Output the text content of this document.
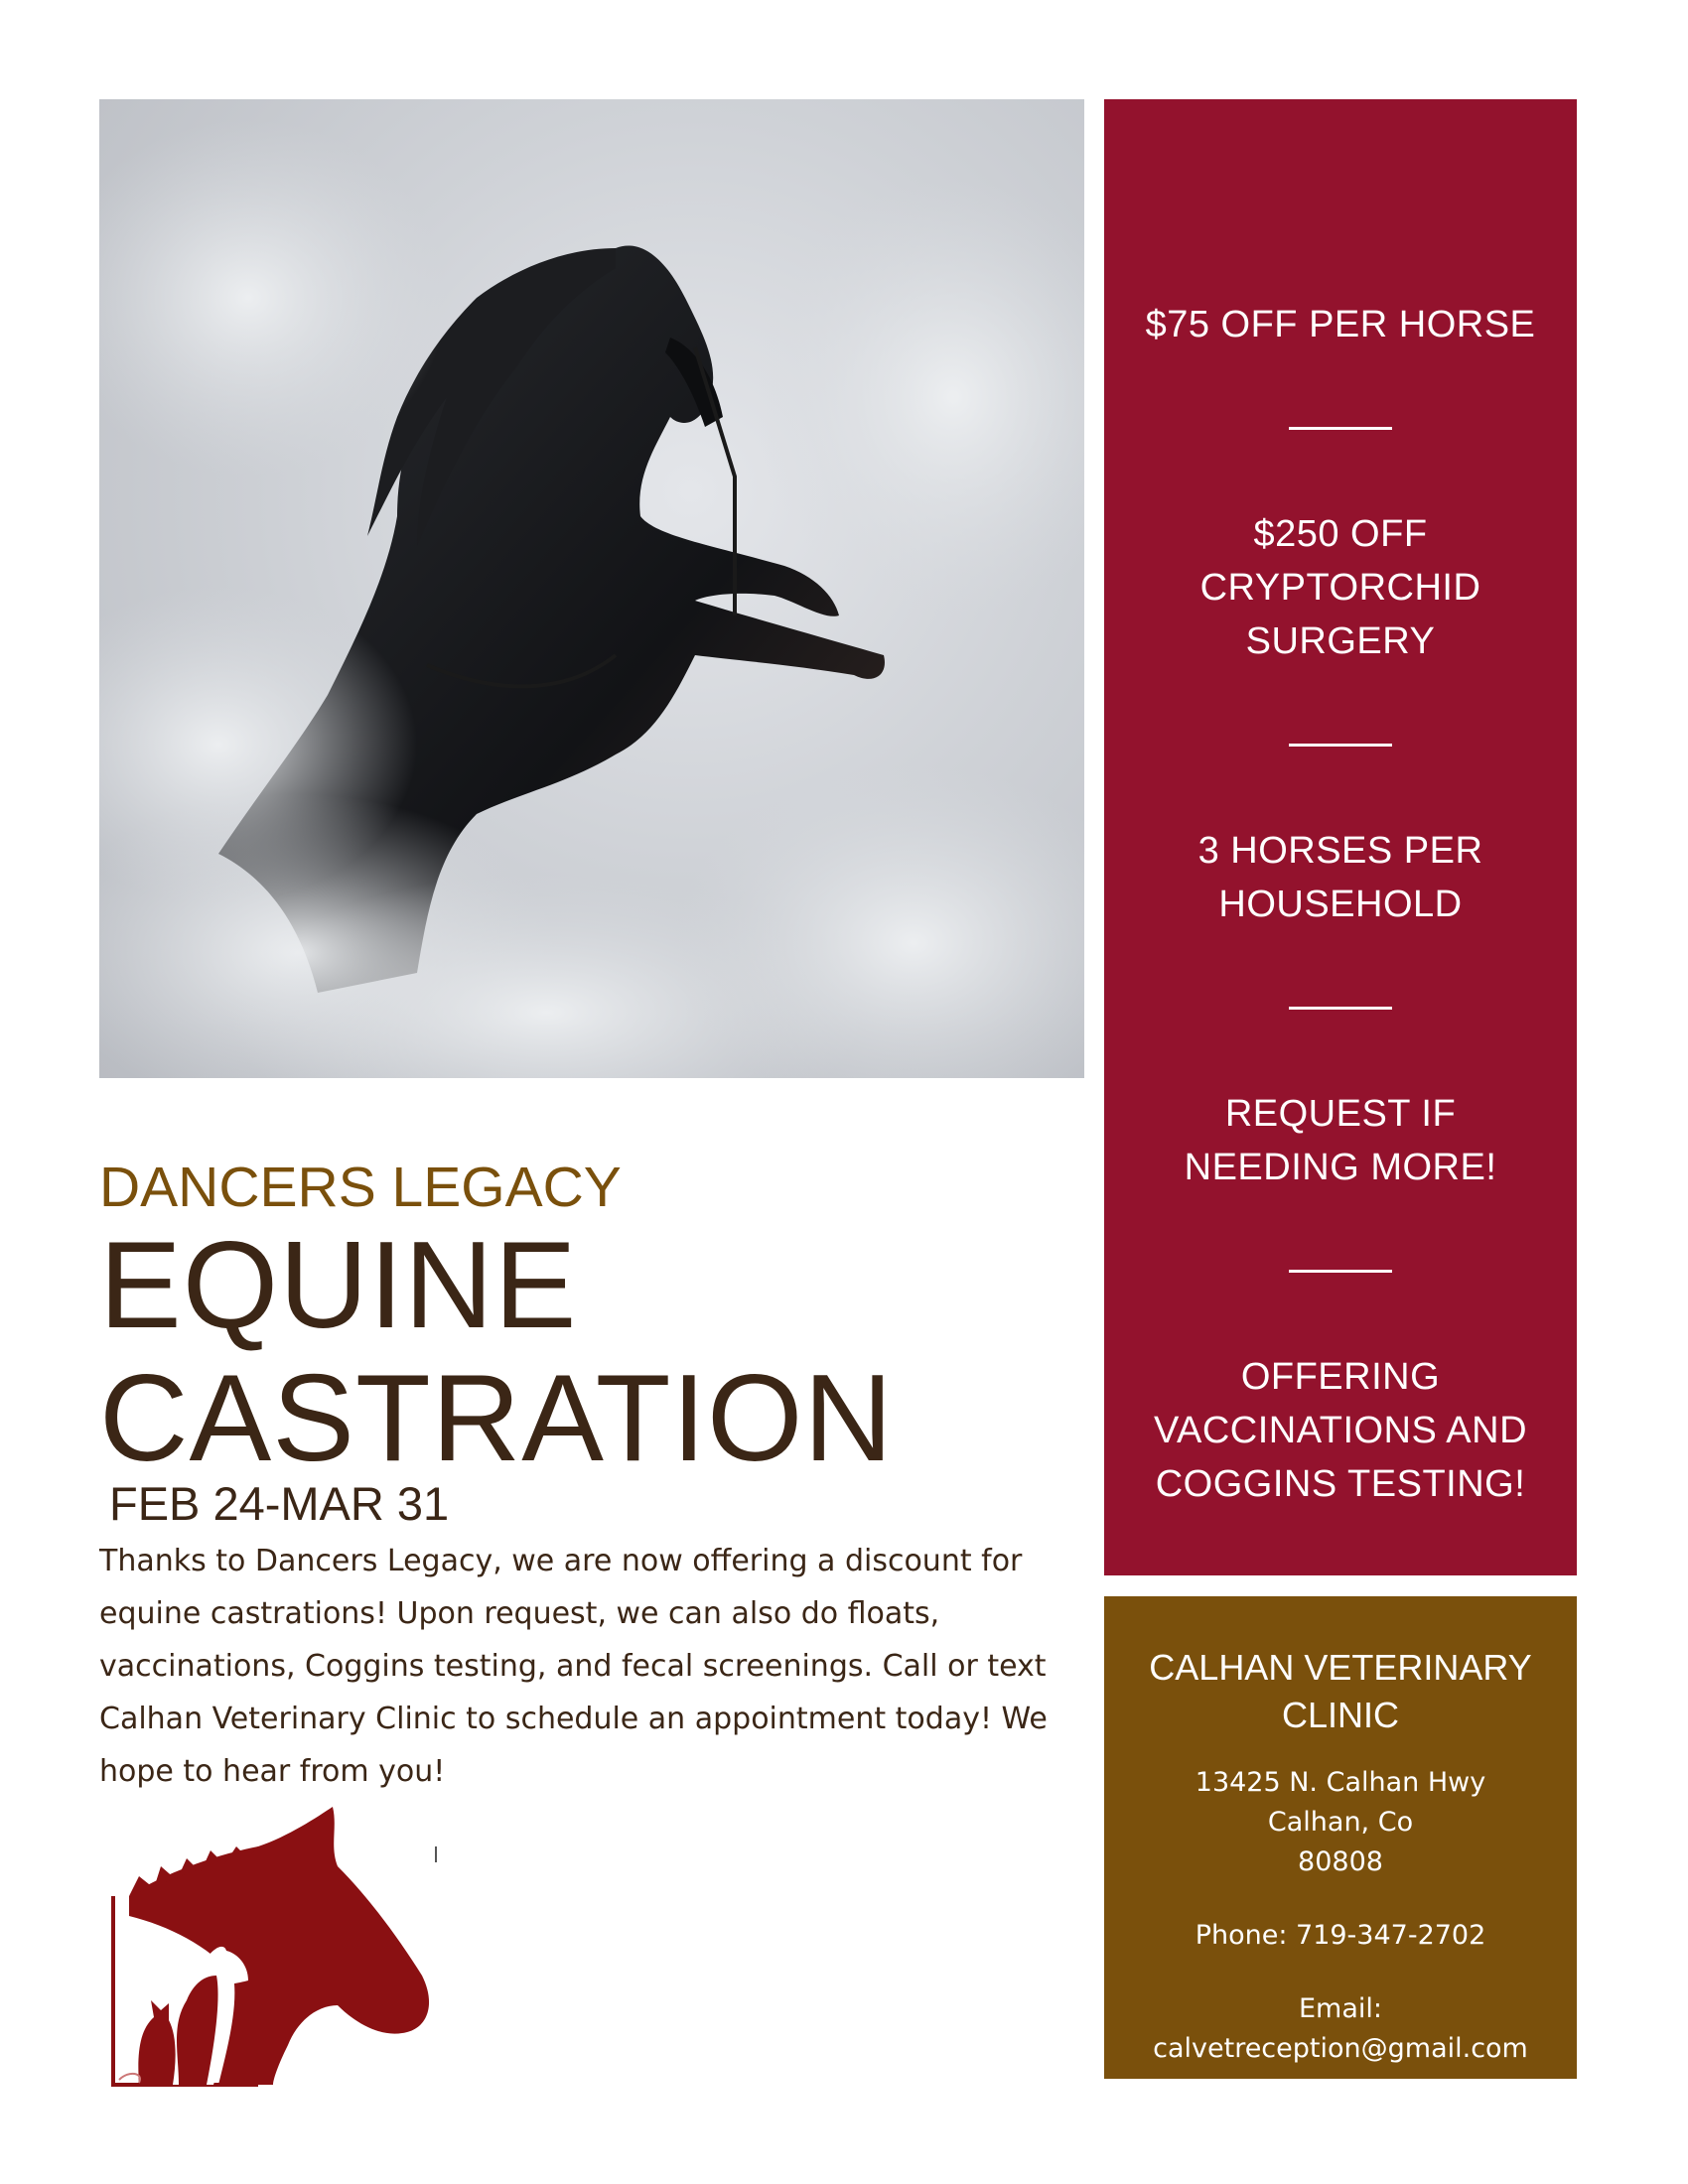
$75 OFF PER HORSE
$250 OFF
CRYPTORCHID
SURGERY
3 HORSES PER
HOUSEHOLD
REQUEST IF
NEEDING MORE!
OFFERING
VACCINATIONS AND
COGGINS TESTING!
CALHAN VETERINARY CLINIC
13425 N. Calhan Hwy
Calhan, Co
80808
Phone: 719-347-2702
Email:
calvetreception@gmail.com
DANCERS LEGACY
EQUINE
CASTRATION
FEB 24-MAR 31
Thanks to Dancers Legacy, we are now offering a discount for equine castrations! Upon request, we can also do floats, vaccinations, Coggins testing, and fecal screenings. Call or text Calhan Veterinary Clinic to schedule an appointment today! We hope to hear from you!
